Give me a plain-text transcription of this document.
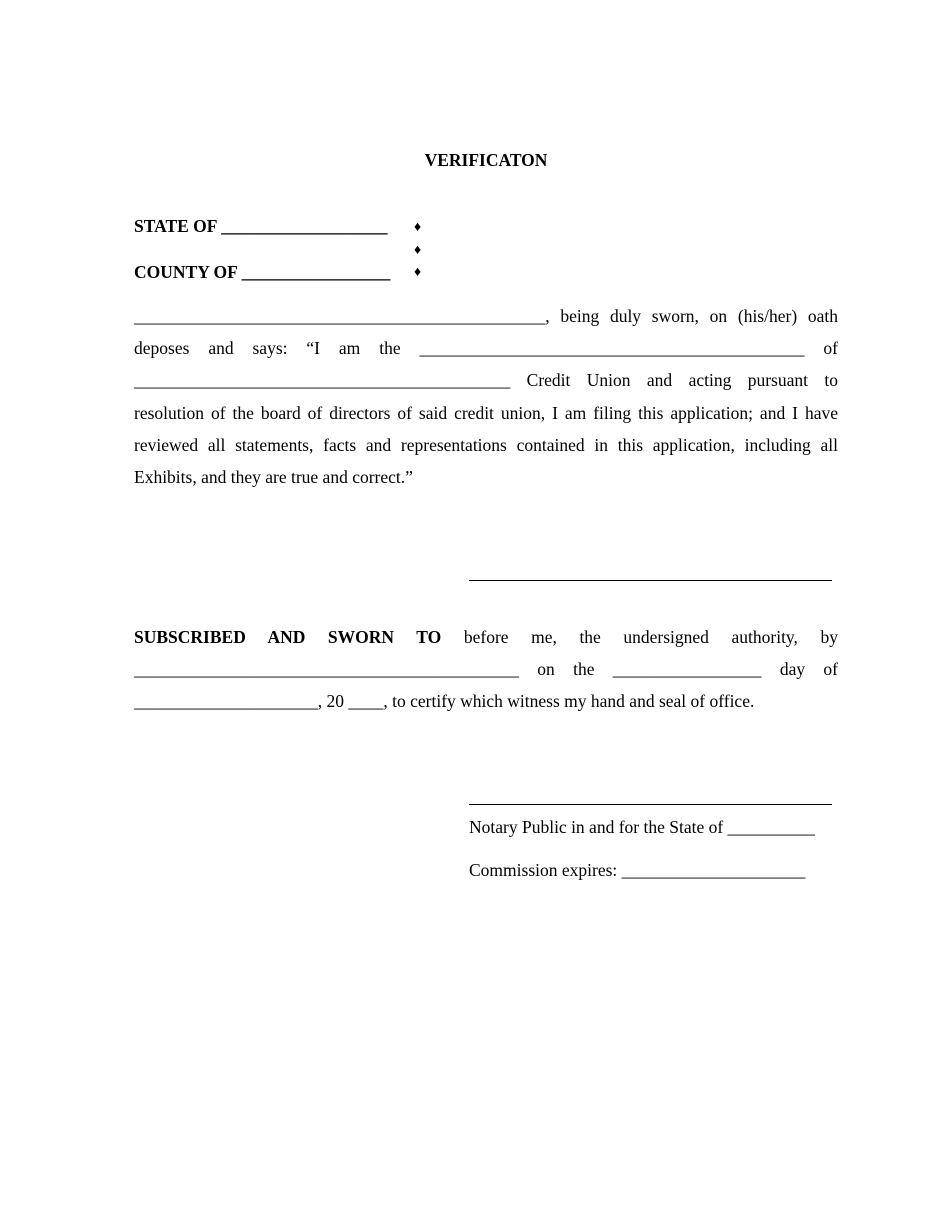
VERIFICATON
STATE OF ___________________
COUNTY OF _________________
♦
♦
♦
_______________________________________________, being duly sworn, on (his/her) oath
deposes and says: “I am the ____________________________________________ of
___________________________________________ Credit Union and acting pursuant to
resolution of the board of directors of said credit union, I am filing this application; and I have
reviewed all statements, facts and representations contained in this application, including all
Exhibits, and they are true and correct.”
SUBSCRIBED AND SWORN TO before me, the undersigned authority, by
____________________________________________ on the _________________ day of
_____________________, 20 ____, to certify which witness my hand and seal of office.
Notary Public in and for the State of __________
Commission expires: _____________________
